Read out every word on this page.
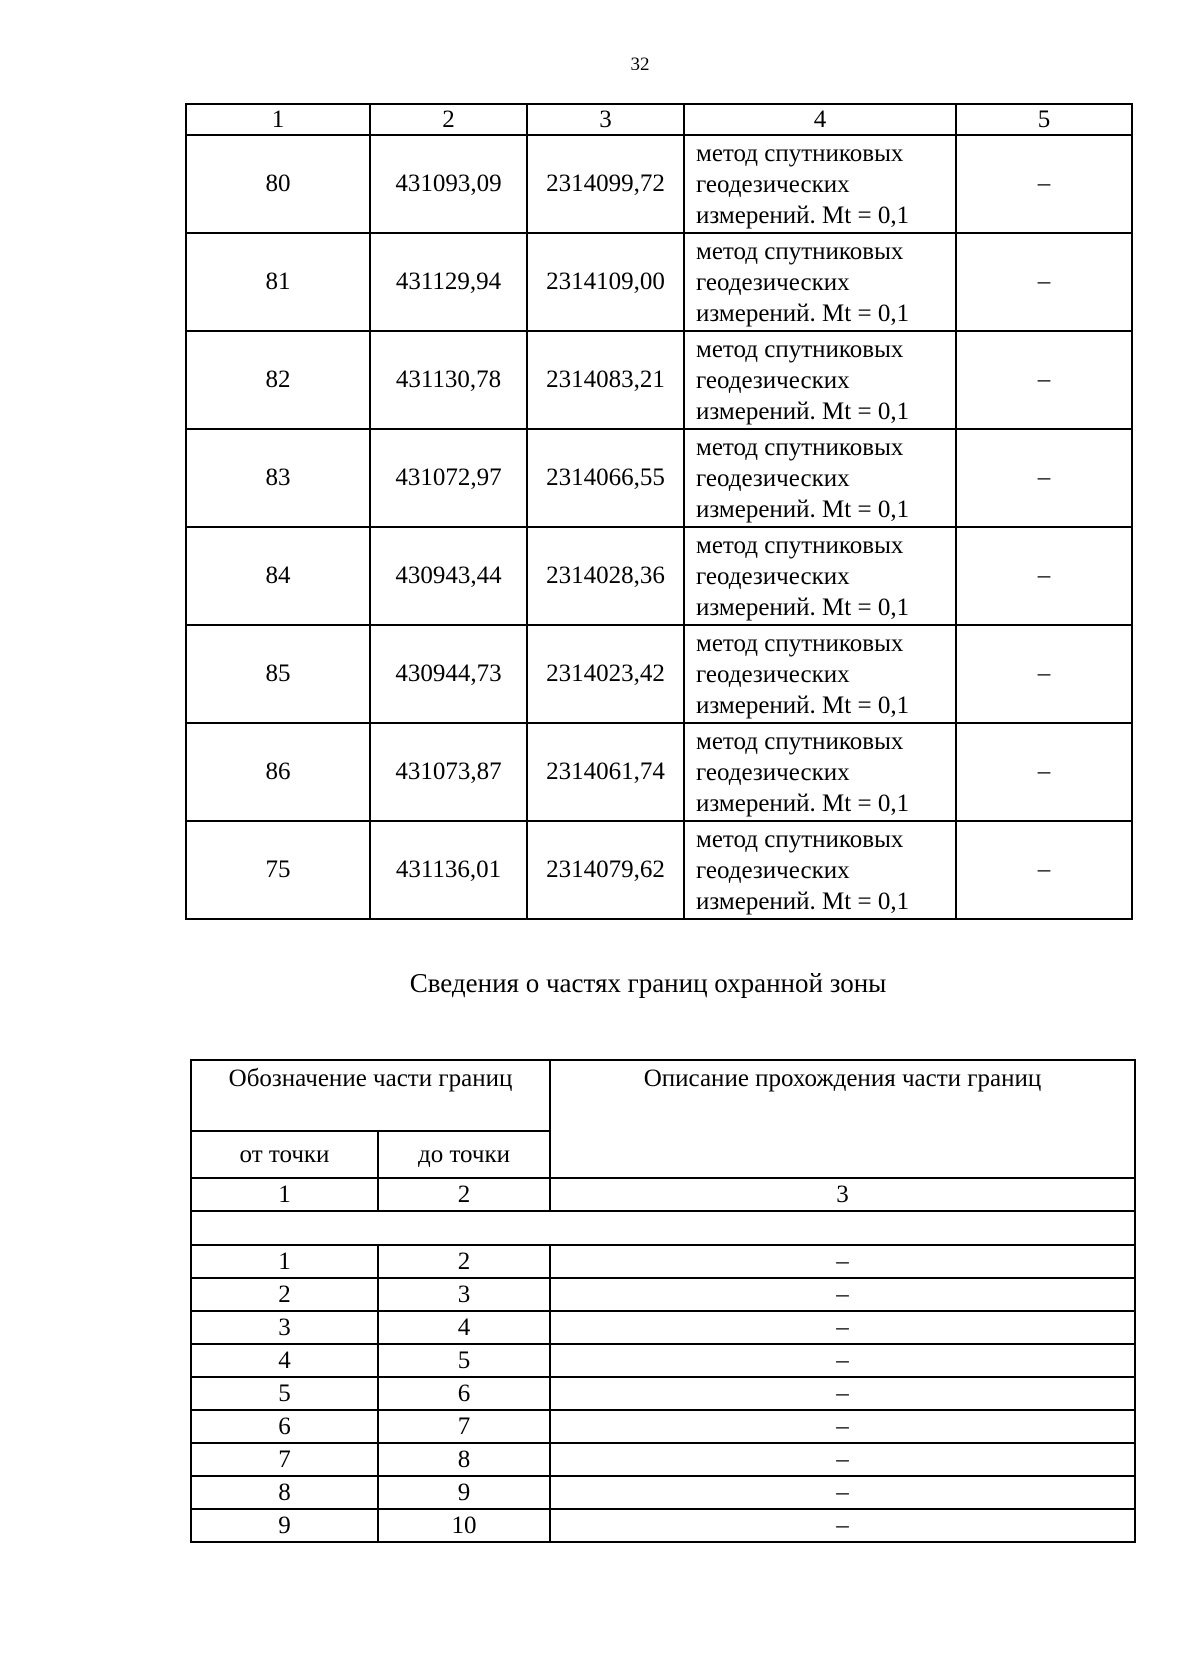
32
1	2	3	4	5
80	431093,09	2314099,72	метод спутниковых
геодезических
измерений. Mt = 0,1	–
81	431129,94	2314109,00	метод спутниковых
геодезических
измерений. Mt = 0,1	–
82	431130,78	2314083,21	метод спутниковых
геодезических
измерений. Mt = 0,1	–
83	431072,97	2314066,55	метод спутниковых
геодезических
измерений. Mt = 0,1	–
84	430943,44	2314028,36	метод спутниковых
геодезических
измерений. Mt = 0,1	–
85	430944,73	2314023,42	метод спутниковых
геодезических
измерений. Mt = 0,1	–
86	431073,87	2314061,74	метод спутниковых
геодезических
измерений. Mt = 0,1	–
75	431136,01	2314079,62	метод спутниковых
геодезических
измерений. Mt = 0,1	–
Сведения о частях границ охранной зоны
Обозначение части границ		Описание прохождения части границ
от точки	до точки	
1	2	3

1	2	–
2	3	–
3	4	–
4	5	–
5	6	–
6	7	–
7	8	–
8	9	–
9	10	–
